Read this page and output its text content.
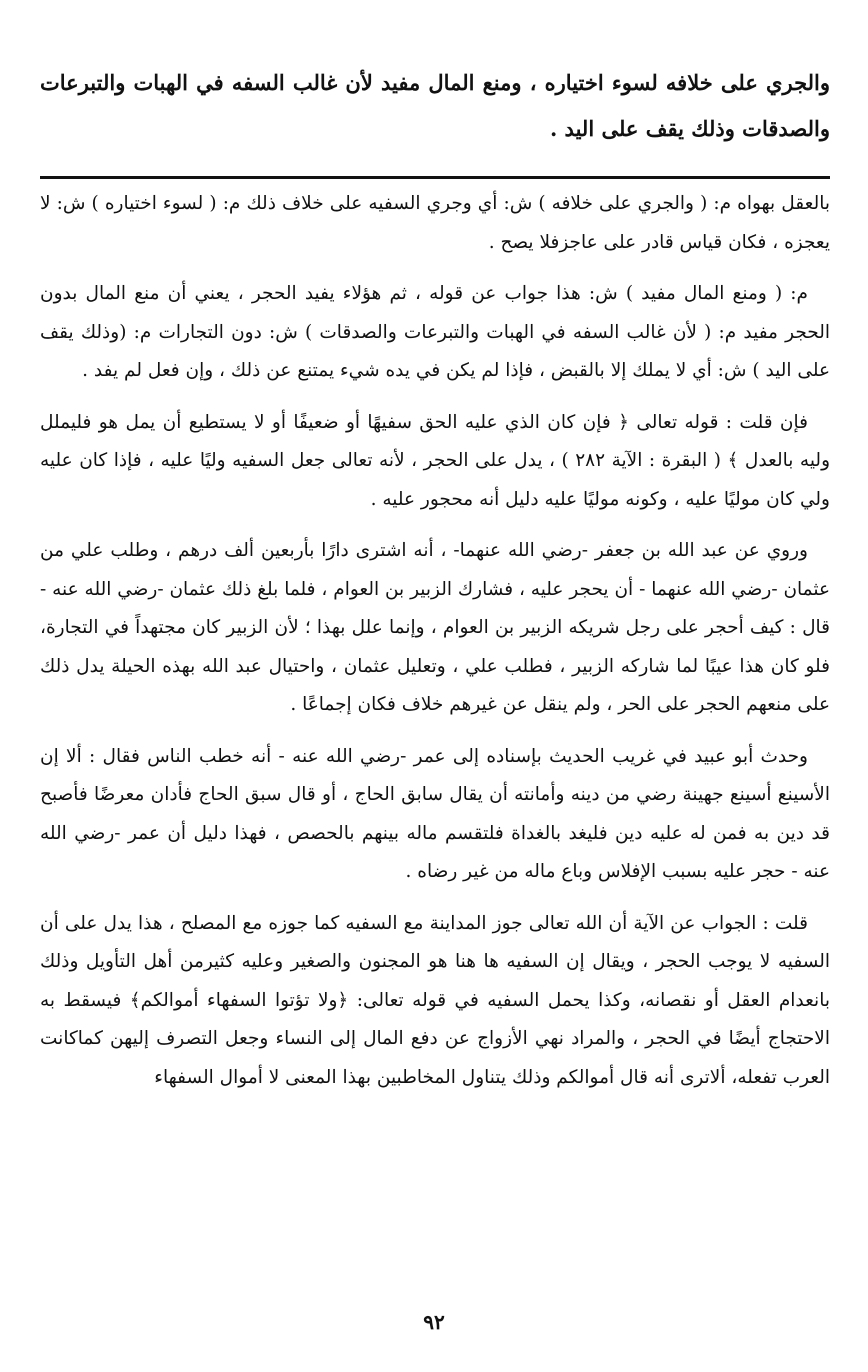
والجري على خلافه لسوء اختياره ، ومنع المال مفيد لأن غالب السفه في الهبات والتبرعات والصدقات وذلك يقف على اليد .

بالعقل بهواه م: ( والجري على خلافه ) ش: أي وجري السفيه على خلاف ذلك م: ( لسوء اختياره ) ش: لا يعجزه ، فكان قياس قادر على عاجزفلا يصح .

م: ( ومنع المال مفيد ) ش: هذا جواب عن قوله ، ثم هؤلاء يفيد الحجر ، يعني أن منع المال بدون الحجر مفيد م: ( لأن غالب السفه في الهبات والتبرعات والصدقات ) ش: دون التجارات م: (وذلك يقف على اليد ) ش: أي لا يملك إلا بالقبض ، فإذا لم يكن في يده شيء يمتنع عن ذلك ، وإن فعل لم يفد .

فإن قلت : قوله تعالى ﴿ فإن كان الذي عليه الحق سفيهًا أو ضعيفًا أو لا يستطيع أن يمل هو فليملل وليه بالعدل ﴾ ( البقرة : الآية ٢٨٢ ) ، يدل على الحجر ، لأنه تعالى جعل السفيه وليًا عليه ، فإذا كان عليه ولي كان موليًا عليه ، وكونه موليًا عليه دليل أنه محجور عليه .

وروي عن عبد الله بن جعفر -رضي الله عنهما- ، أنه اشترى دارًا بأربعين ألف درهم ، وطلب علي من عثمان -رضي الله عنهما - أن يحجر عليه ، فشارك الزبير بن العوام ، فلما بلغ ذلك عثمان -رضي الله عنه - قال : كيف أحجر على رجل شريكه الزبير بن العوام ، وإنما علل بهذا ؛ لأن الزبير كان مجتهداً في التجارة، فلو كان هذا عيبًا لما شاركه الزبير ، فطلب علي ، وتعليل عثمان ، واحتيال عبد الله بهذه الحيلة يدل ذلك على منعهم الحجر على الحر ، ولم ينقل عن غيرهم خلاف فكان إجماعًا .

وحدث أبو عبيد في غريب الحديث بإسناده إلى عمر -رضي الله عنه - أنه خطب الناس فقال : ألا إن الأسينع أسينع جهينة رضي من دينه وأمانته أن يقال سابق الحاج ، أو قال سبق الحاج فأدان معرضًا فأصبح قد دين به فمن له عليه دين فليغد بالغداة فلتقسم ماله بينهم بالحصص ، فهذا دليل أن عمر -رضي الله عنه - حجر عليه بسبب الإفلاس وباع ماله من غير رضاه .

قلت : الجواب عن الآية أن الله تعالى جوز المداينة مع السفيه كما جوزه مع المصلح ، هذا يدل على أن السفيه لا يوجب الحجر ، ويقال إن السفيه ها هنا هو المجنون والصغير وعليه كثيرمن أهل التأويل وذلك بانعدام العقل أو نقصانه، وكذا يحمل السفيه في قوله تعالى: ﴿ولا تؤتوا السفهاء أموالكم﴾ فيسقط به الاحتجاج أيضًا في الحجر ، والمراد نهي الأزواج عن دفع المال إلى النساء وجعل التصرف إليهن كماكانت العرب تفعله، ألاترى أنه قال أموالكم وذلك يتناول المخاطبين بهذا المعنى لا أموال السفهاء

٩٢
